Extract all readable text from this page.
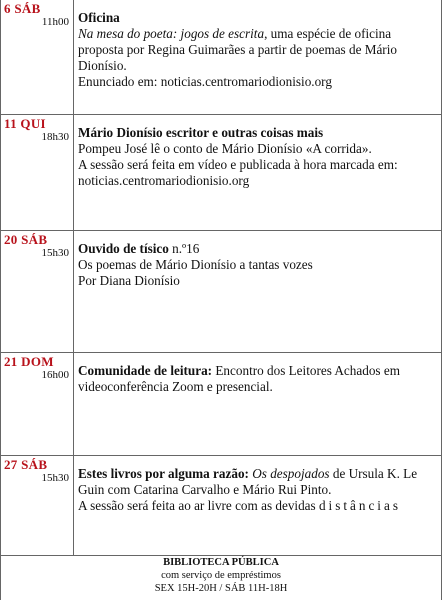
6 SÁB
11h00 Oficina

Na mesa do poeta: jogos de escrita, uma espécie de oficina proposta por Regina Guimarães a partir de poemas de Mário Dionísio.

Enunciado em: noticias.centromariodionisio.org

11 QUI
18h30 Mário Dionísio escritor e outras coisas mais

Pompeu José lê o conto de Mário Dionísio «A corrida».

A sessão será feita em vídeo e publicada à hora marcada em: noticias.centromariodionisio.org

20 SÁB
15h30 Ouvido de tísico n.º16

Os poemas de Mário Dionísio a tantas vozes

Por Diana Dionísio

21 DOM
16h00 Comunidade de leitura: Encontro dos Leitores Achados em videoconferência Zoom e presencial.

27 SÁB
15h30 Estes livros por alguma razão: Os despojados de Ursula K. Le Guin com Catarina Carvalho e Mário Rui Pinto.

A sessão será feita ao ar livre com as devidas distâncias

BIBLIOTECA PÚBLICA
com serviço de empréstimos
SEX 15H-20H / SÁB 11H-18H
